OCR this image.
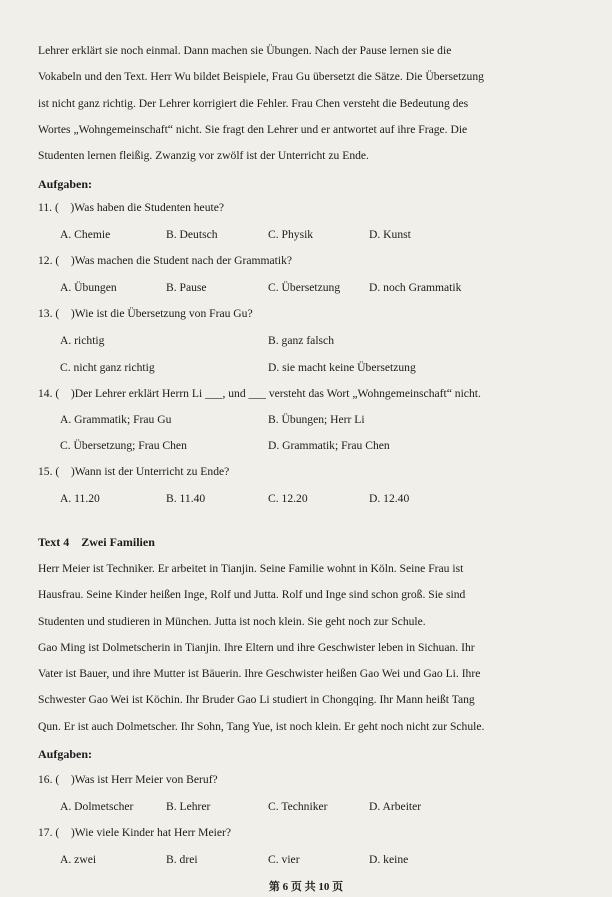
Lehrer erklärt sie noch einmal. Dann machen sie Übungen. Nach der Pause lernen sie die
Vokabeln und den Text. Herr Wu bildet Beispiele, Frau Gu übersetzt die Sätze. Die Übersetzung
ist nicht ganz richtig. Der Lehrer korrigiert die Fehler. Frau Chen versteht die Bedeutung des
Wortes „Wohngemeinschaft“ nicht. Sie fragt den Lehrer und er antwortet auf ihre Frage. Die
Studenten lernen fleißig. Zwanzig vor zwölf ist der Unterricht zu Ende.
Aufgaben:
11. ( )Was haben die Studenten heute?
A. Chemie	B. Deutsch	C. Physik	D. Kunst
12. ( )Was machen die Student nach der Grammatik?
A. Übungen	B. Pause	C. Übersetzung D. noch Grammatik
13. ( )Wie ist die Übersetzung von Frau Gu?
A. richtig	B. ganz falsch
C. nicht ganz richtig	D. sie macht keine Übersetzung
14. ( )Der Lehrer erklärt Herrn Li ___, und ___ versteht das Wort „Wohngemeinschaft“ nicht.
A. Grammatik; Frau Gu	B. Übungen; Herr Li
C. Übersetzung; Frau Chen	D. Grammatik; Frau Chen
15. ( )Wann ist der Unterricht zu Ende?
A. 11.20	B. 11.40	C. 12.20	D. 12.40
Text 4 Zwei Familien
Herr Meier ist Techniker. Er arbeitet in Tianjin. Seine Familie wohnt in Köln. Seine Frau ist
Hausfrau. Seine Kinder heißen Inge, Rolf und Jutta. Rolf und Inge sind schon groß. Sie sind
Studenten und studieren in München. Jutta ist noch klein. Sie geht noch zur Schule.
Gao Ming ist Dolmetscherin in Tianjin. Ihre Eltern und ihre Geschwister leben in Sichuan. Ihr
Vater ist Bauer, und ihre Mutter ist Bäuerin. Ihre Geschwister heißen Gao Wei und Gao Li. Ihre
Schwester Gao Wei ist Köchin. Ihr Bruder Gao Li studiert in Chongqing. Ihr Mann heißt Tang
Qun. Er ist auch Dolmetscher. Ihr Sohn, Tang Yue, ist noch klein. Er geht noch nicht zur Schule.
Aufgaben:
16. ( )Was ist Herr Meier von Beruf?
A. Dolmetscher	B. Lehrer	C. Techniker	D. Arbeiter
17. ( )Wie viele Kinder hat Herr Meier?
A. zwei	B. drei	C. vier	D. keine
第 6 页 共 10 页
